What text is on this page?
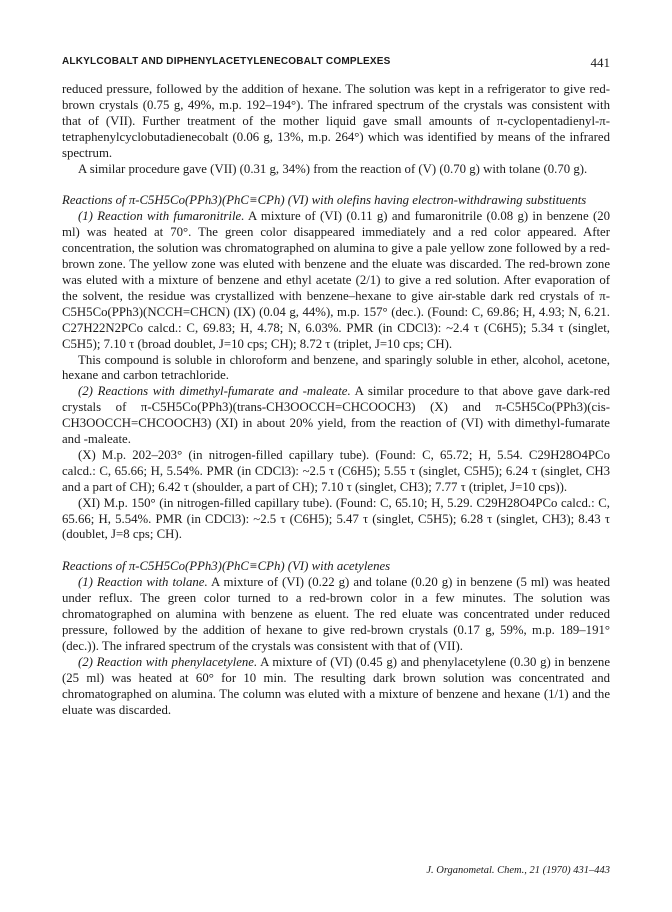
ALKYLCOBALT AND DIPHENYLACETYLENECOBALT COMPLEXES	441

reduced pressure, followed by the addition of hexane. The solution was kept in a refrigerator to give red-brown crystals (0.75 g, 49%, m.p. 192–194°). The infrared spectrum of the crystals was consistent with that of (VII). Further treatment of the mother liquid gave small amounts of π-cyclopentadienyl-π-tetraphenylcyclobutadienecobalt (0.06 g, 13%, m.p. 264°) which was identified by means of the infrared spectrum.

A similar procedure gave (VII) (0.31 g, 34%) from the reaction of (V) (0.70 g) with tolane (0.70 g).

Reactions of π-C5H5Co(PPh3)(PhC≡CPh) (VI) with olefins having electron-withdrawing substituents

(1) Reaction with fumaronitrile. A mixture of (VI) (0.11 g) and fumaronitrile (0.08 g) in benzene (20 ml) was heated at 70°. The green color disappeared immediately and a red color appeared. After concentration, the solution was chromatographed on alumina to give a pale yellow zone followed by a red-brown zone. The yellow zone was eluted with benzene and the eluate was discarded. The red-brown zone was eluted with a mixture of benzene and ethyl acetate (2/1) to give a red solution. After evaporation of the solvent, the residue was crystallized with benzene–hexane to give air-stable dark red crystals of π-C5H5Co(PPh3)(NCCH=CHCN) (IX) (0.04 g, 44%), m.p. 157° (dec.). (Found: C, 69.86; H, 4.93; N, 6.21. C27H22N2PCo calcd.: C, 69.83; H, 4.78; N, 6.03%. PMR (in CDCl3): ~2.4 τ (C6H5); 5.34 τ (singlet, C5H5); 7.10 τ (broad doublet, J=10 cps; CH); 8.72 τ (triplet, J=10 cps; CH).

This compound is soluble in chloroform and benzene, and sparingly soluble in ether, alcohol, acetone, hexane and carbon tetrachloride.

(2) Reactions with dimethyl-fumarate and -maleate. A similar procedure to that above gave dark-red crystals of π-C5H5Co(PPh3)(trans-CH3OOCCH=CHCOOCH3) (X) and π-C5H5Co(PPh3)(cis-CH3OOCCH=CHCOOCH3) (XI) in about 20% yield, from the reaction of (VI) with dimethyl-fumarate and -maleate.

(X) M.p. 202–203° (in nitrogen-filled capillary tube). (Found: C, 65.72; H, 5.54. C29H28O4PCo calcd.: C, 65.66; H, 5.54%. PMR (in CDCl3): ~2.5 τ (C6H5); 5.55 τ (singlet, C5H5); 6.24 τ (singlet, CH3 and a part of CH); 6.42 τ (shoulder, a part of CH); 7.10 τ (singlet, CH3); 7.77 τ (triplet, J=10 cps)).

(XI) M.p. 150° (in nitrogen-filled capillary tube). (Found: C, 65.10; H, 5.29. C29H28O4PCo calcd.: C, 65.66; H, 5.54%. PMR (in CDCl3): ~2.5 τ (C6H5); 5.47 τ (singlet, C5H5); 6.28 τ (singlet, CH3); 8.43 τ (doublet, J=8 cps; CH).

Reactions of π-C5H5Co(PPh3)(PhC≡CPh) (VI) with acetylenes

(1) Reaction with tolane. A mixture of (VI) (0.22 g) and tolane (0.20 g) in benzene (5 ml) was heated under reflux. The green color turned to a red-brown color in a few minutes. The solution was chromatographed on alumina with benzene as eluent. The red eluate was concentrated under reduced pressure, followed by the addition of hexane to give red-brown crystals (0.17 g, 59%, m.p. 189–191° (dec.)). The infrared spectrum of the crystals was consistent with that of (VII).

(2) Reaction with phenylacetylene. A mixture of (VI) (0.45 g) and phenylacetylene (0.30 g) in benzene (25 ml) was heated at 60° for 10 min. The resulting dark brown solution was concentrated and chromatographed on alumina. The column was eluted with a mixture of benzene and hexane (1/1) and the eluate was discarded.

J. Organometal. Chem., 21 (1970) 431–443
